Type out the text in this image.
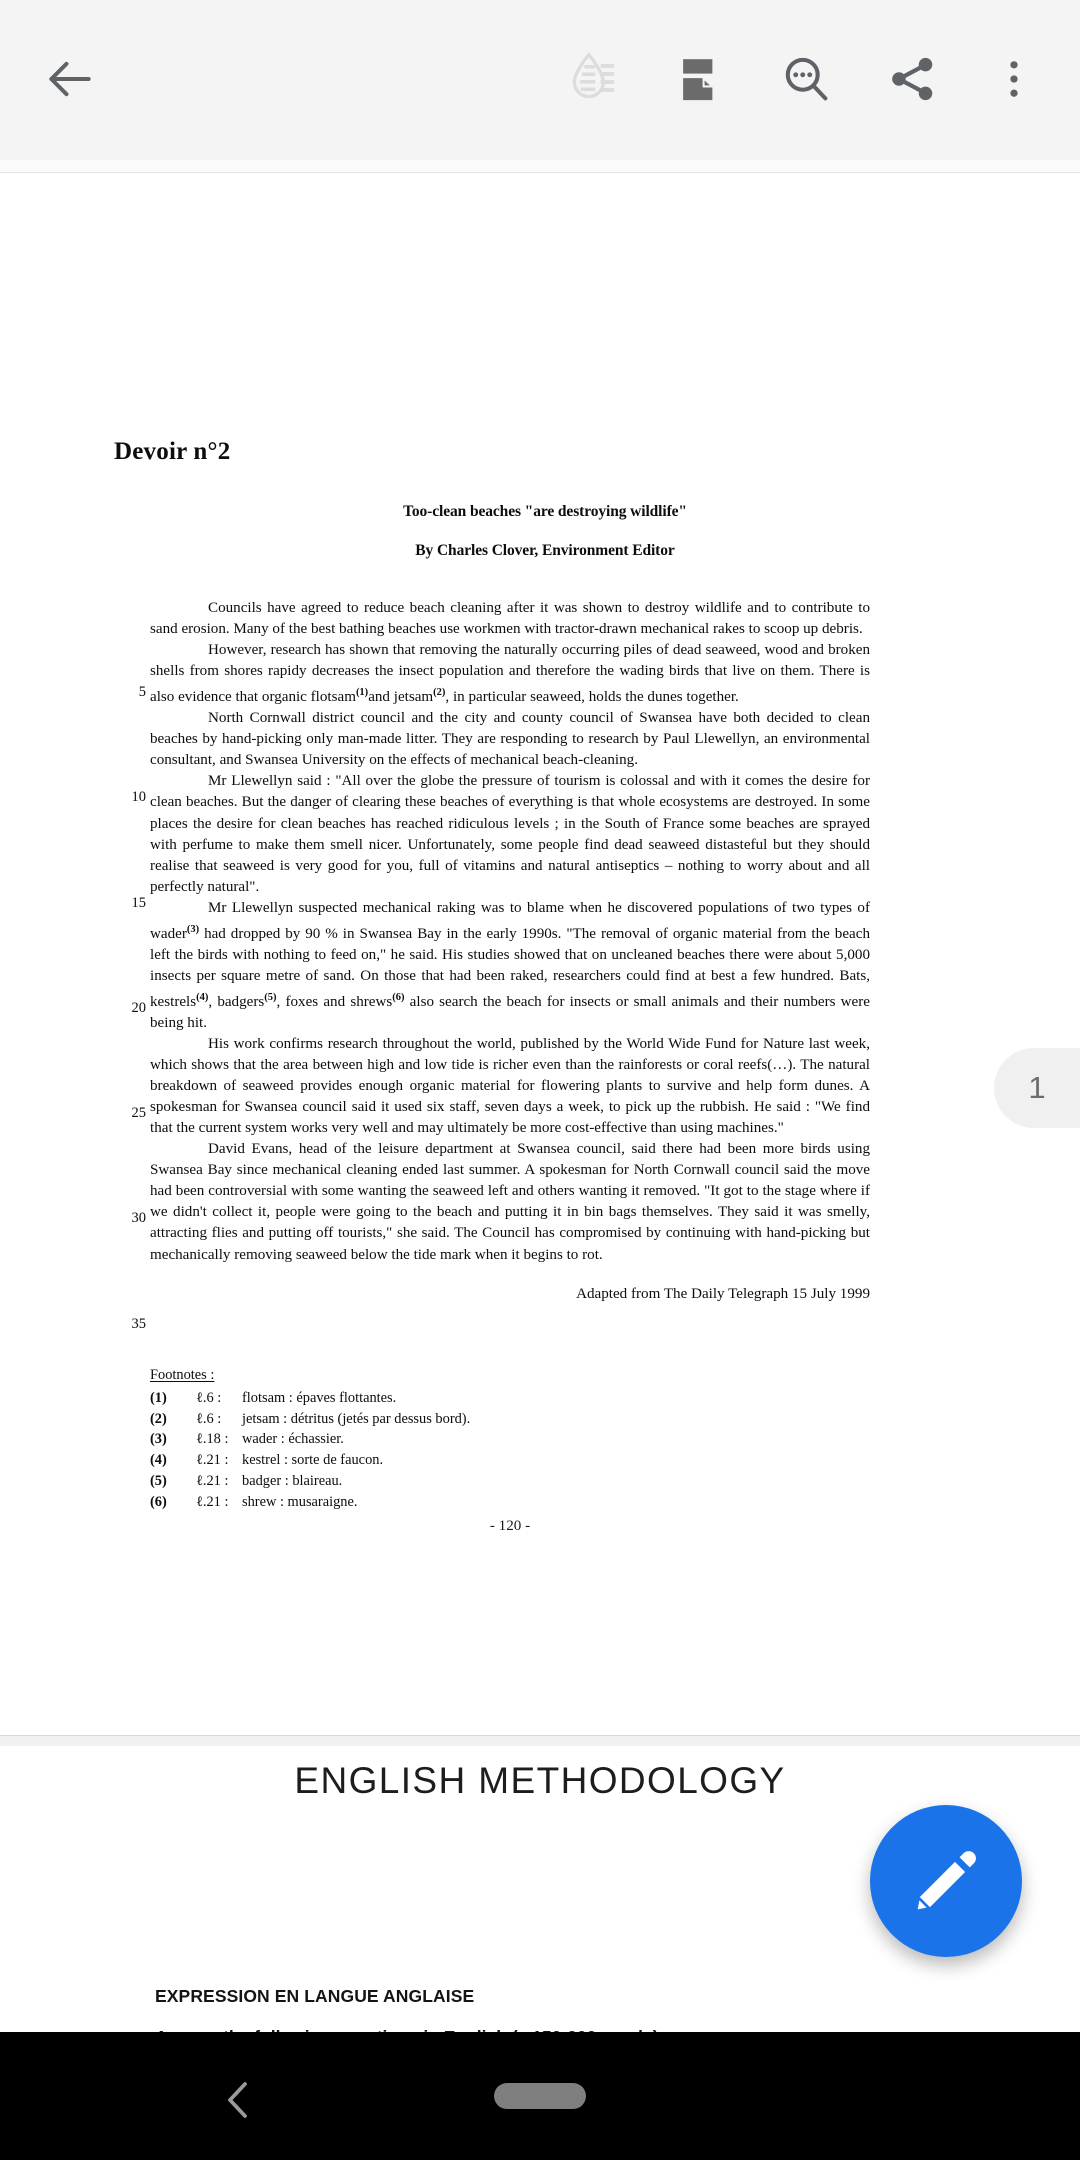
Devoir n°2
Too-clean beaches "are destroying wildlife"
By Charles Clover, Environment Editor
5
10
15
20
25
30
35

Councils have agreed to reduce beach cleaning after it was shown to destroy wildlife and to contribute to sand erosion. Many of the best bathing beaches use workmen with tractor-drawn mechanical rakes to scoop up debris.

However, research has shown that removing the naturally occurring piles of dead seaweed, wood and broken shells from shores rapidy decreases the insect population and therefore the wading birds that live on them. There is also evidence that organic flotsam$^{(1)}$and jetsam$^{(2)}$, in particular seaweed, holds the dunes together.

North Cornwall district council and the city and county council of Swansea have both decided to clean beaches by hand-picking only man-made litter. They are responding to research by Paul Llewellyn, an environmental consultant, and Swansea University on the effects of mechanical beach-cleaning.

Mr Llewellyn said : "All over the globe the pressure of tourism is colossal and with it comes the desire for clean beaches. But the danger of clearing these beaches of everything is that whole ecosystems are destroyed. In some places the desire for clean beaches has reached ridiculous levels ; in the South of France some beaches are sprayed with perfume to make them smell nicer. Unfortunately, some people find dead seaweed distasteful but they should realise that seaweed is very good for you, full of vitamins and natural antiseptics – nothing to worry about and all perfectly natural".

Mr Llewellyn suspected mechanical raking was to blame when he discovered populations of two types of wader$^{(3)}$ had dropped by 90 % in Swansea Bay in the early 1990s. "The removal of organic material from the beach left the birds with nothing to feed on," he said. His studies showed that on uncleaned beaches there were about 5,000 insects per square metre of sand. On those that had been raked, researchers could find at best a few hundred. Bats, kestrels$^{(4)}$, badgers$^{(5)}$, foxes and shrews$^{(6)}$ also search the beach for insects or small animals and their numbers were being hit.

His work confirms research throughout the world, published by the World Wide Fund for Nature last week, which shows that the area between high and low tide is richer even than the rainforests or coral reefs(…). The natural breakdown of seaweed provides enough organic material for flowering plants to survive and help form dunes. A spokesman for Swansea council said it used six staff, seven days a week, to pick up the rubbish. He said : "We find that the current system works very well and may ultimately be more cost-effective than using machines."

David Evans, head of the leisure department at Swansea council, said there had been more birds using Swansea Bay since mechanical cleaning ended last summer. A spokesman for North Cornwall council said the move had been controversial with some wanting the seaweed left and others wanting it removed. "It got to the stage where if we didn't collect it, people were going to the beach and putting it in bin bags themselves. They said it was smelly, attracting flies and putting off tourists," she said. The Council has compromised by continuing with hand-picking but mechanically removing seaweed below the tide mark when it begins to rot.

Adapted from The Daily Telegraph 15 July 1999
Footnotes :
(1)	ℓ.6 :	flotsam : épaves flottantes.
(2)	ℓ.6 :	jetsam : détritus (jetés par dessus bord).
(3)	ℓ.18 : wader : échassier.
(4)	ℓ.21 : kestrel : sorte de faucon.
(5)	ℓ.21 : badger : blaireau.
(6)	ℓ.21 : shrew : musaraigne.
- 120 -
ENGLISH METHODOLOGY
EXPRESSION EN LANGUE ANGLAISE
1
